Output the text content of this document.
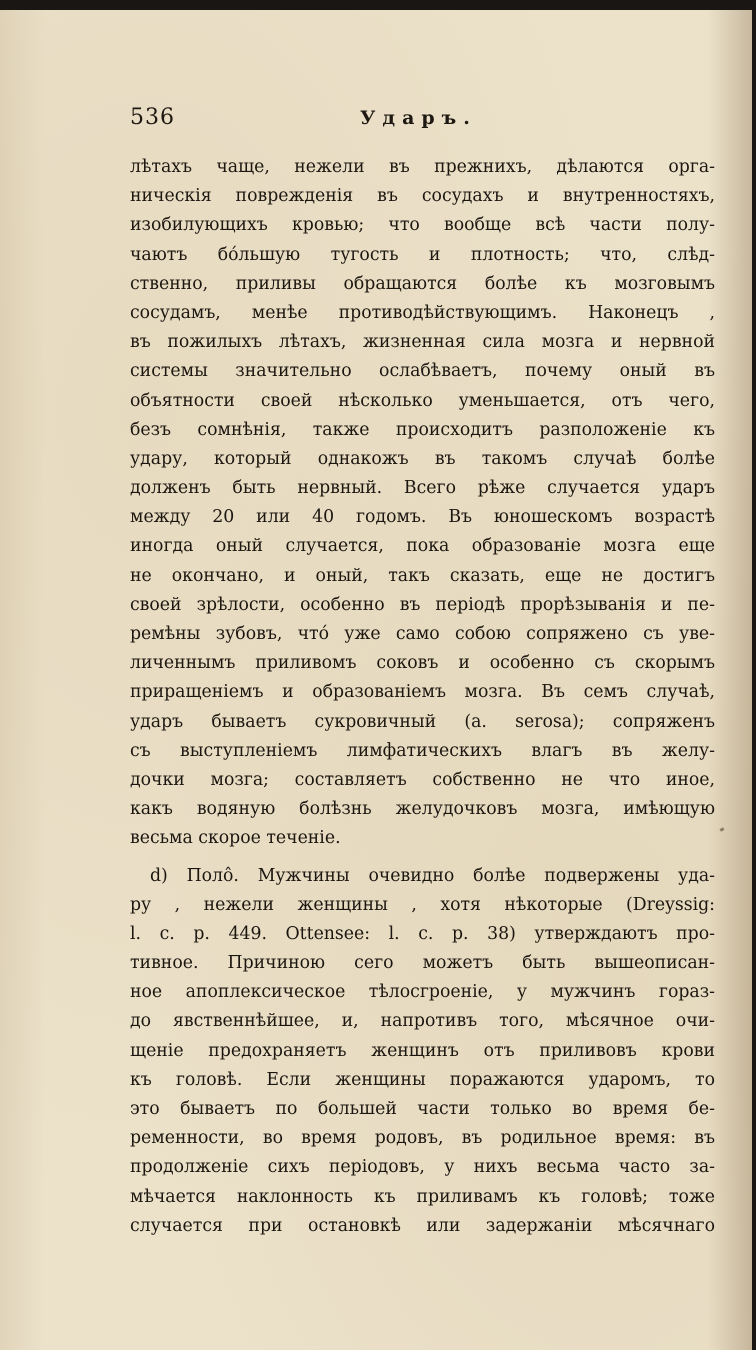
536	Ударъ.
лѣтахъ чаще, нежели въ прежнихъ, дѣлаются орга-
ническія поврежденія въ сосудахъ и внутренностяхъ,
изобилующихъ кровью; что вообще всѣ части полу-
чаютъ бо́льшую тугость и плотность; что, слѣд-
ственно, приливы обращаются болѣе къ мозговымъ
сосудамъ, менѣе противодѣйствующимъ. Наконецъ ,
въ пожилыхъ лѣтахъ, жизненная сила мозга и нервной
системы значительно ослабѣваетъ, почему оный въ
объятности своей нѣсколько уменьшается, отъ чего,
безъ сомнѣнія, также происходитъ разположеніе къ
удару, который однакожъ въ такомъ случаѣ болѣе
долженъ быть нервный. Всего рѣже случается ударъ
между 20 или 40 годомъ. Въ юношескомъ возрастѣ
иногда оный случается, пока образованіе мозга еще
не окончано, и оный, такъ сказать, еще не достигъ
своей зрѣлости, особенно въ періодѣ прорѣзыванія и пе-
ремѣны зубовъ, что́ уже само собою сопряжено съ уве-
личеннымъ приливомъ соковъ и особенно съ скорымъ
приращеніемъ и образованіемъ мозга. Въ семъ случаѣ,
ударъ бываетъ сукровичный (a. serosa); сопряженъ
съ выступленіемъ лимфатическихъ влагъ въ желу-
дочки мозга; составляетъ собственно не что иное,
какъ водяную болѣзнь желудочковъ мозга, имѣющую
весьма скорое теченіе.
d) Поло̂. Мужчины очевидно болѣе подвержены уда-
ру , нежели женщины , хотя нѣкоторые (Dreyssig:
l. c. p. 449. Ottensee: l. c. p. 38) утверждаютъ про-
тивное. Причиною сего можетъ быть вышеописан-
ное апоплексическое тѣлосгроеніе, у мужчинъ горaз-
до явственнѣйшее, и, напротивъ того, мѣсячное очи-
щеніе предохраняетъ женщинъ отъ приливовъ крови
къ головѣ. Если женщины поражаются ударомъ, то
это бываетъ по большей части только во время бе-
ременности, во время родовъ, въ родильное время: въ
продолженіе сихъ періодовъ, у нихъ весьма часто за-
мѣчается наклонность къ приливамъ къ головѣ; тоже
случается при остановкѣ или задержаніи мѣсячнаго
